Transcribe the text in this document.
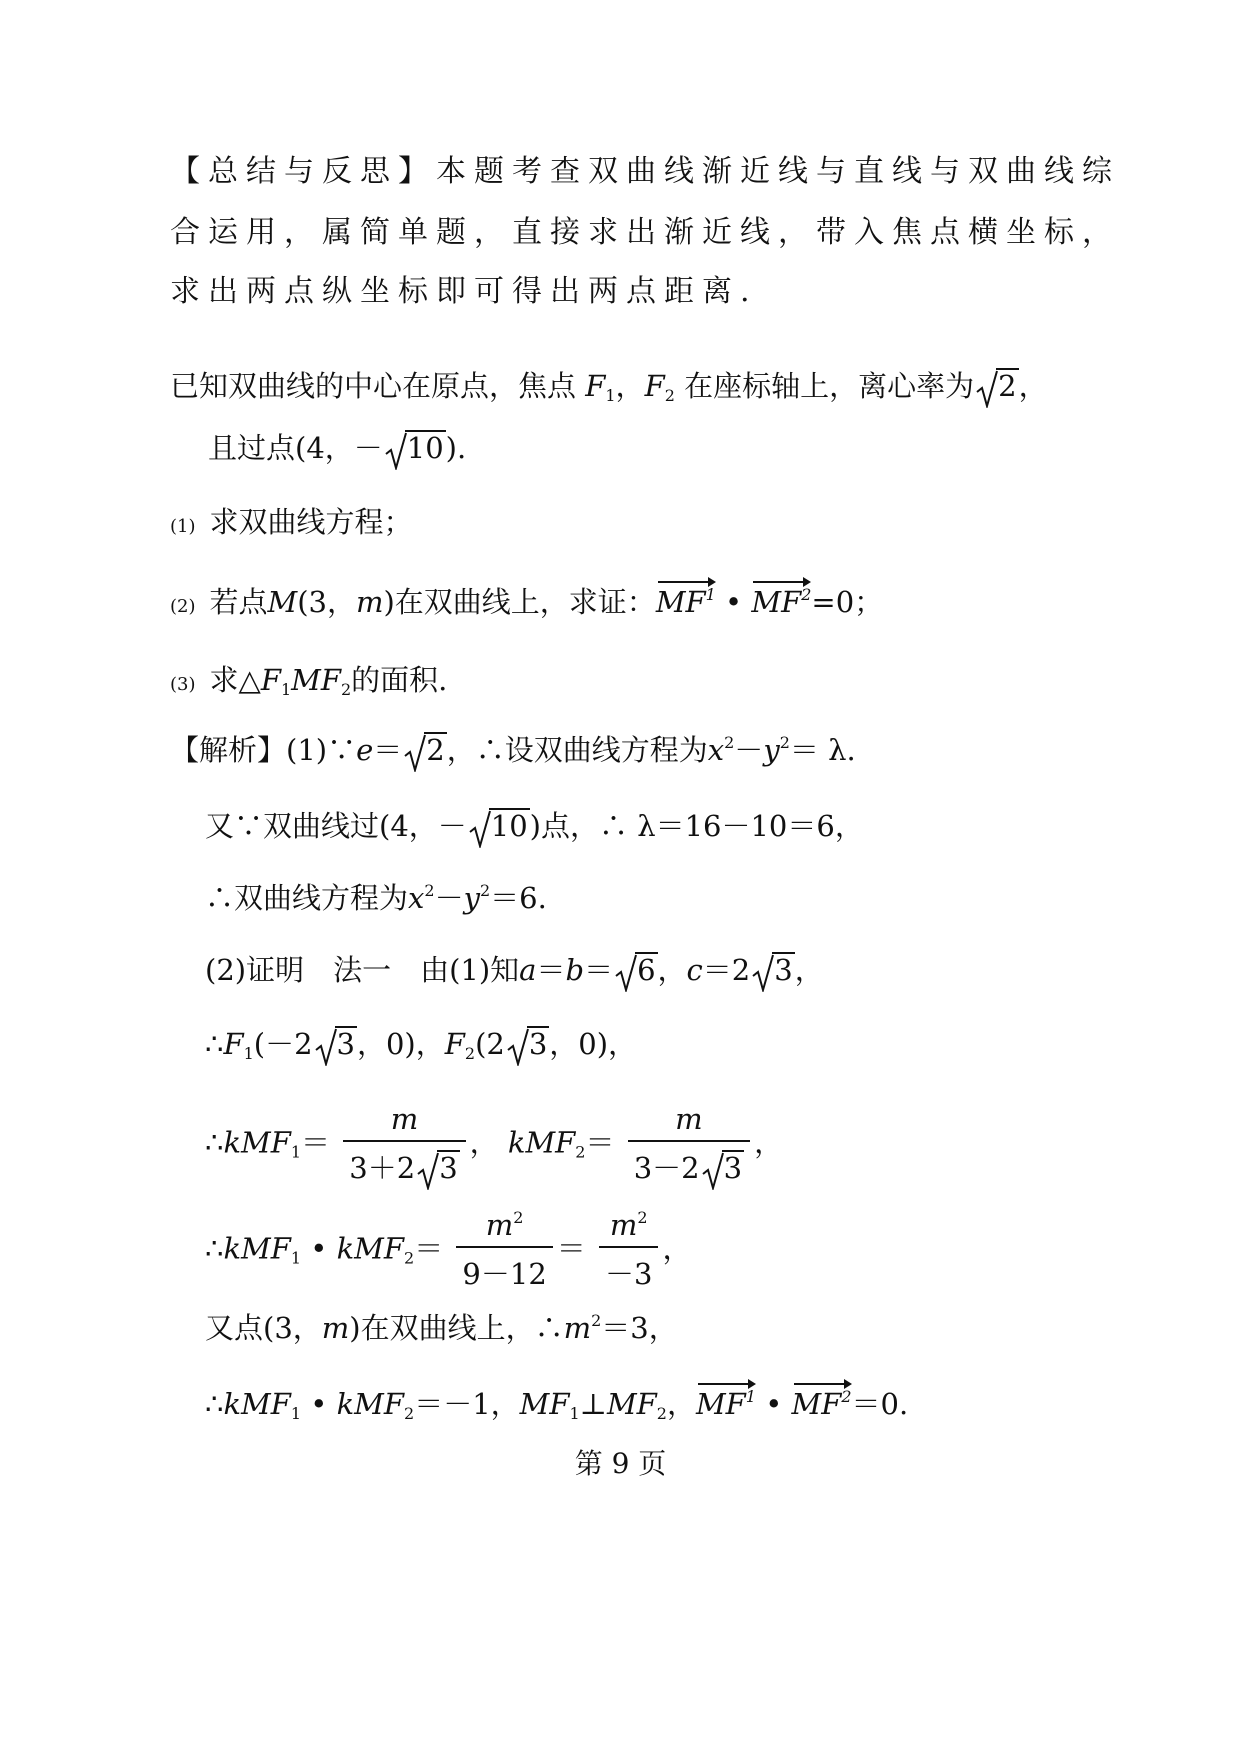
【总结与反思】本题考查双曲线渐近线与直线与双曲线综
合运用，属简单题，直接求出渐近线，带入焦点横坐标，
求出两点纵坐标即可得出两点距离.
已知双曲线的中心在原点，焦点 $F_1$，$F_2$ 在座标轴上，离心率为 2，
且过点(4，－ 10).
(1) 求双曲线方程；
(2) 若点M(3，m)在双曲线上，求证：$MF^1$ • $MF^2=0$；
(3) 求$\triangle F_1MF_2$的面积.
【解析】(1)∵e＝ 2，∴设双曲线方程为$x^2-y^2= \lambda$.
又∵双曲线过(4，－ 10)点，∴ λ＝16－10＝6，
∴双曲线方程为$x^2-y^2=6$.
(2)证明　法一　由(1)知a＝b＝ 6，c＝2 3，
$\therefore F_1(-2$ 3，0)，$F_2(2$ 3，0)，
∴kMF$_1$＝ $\frac{m}{3+2 3}$ ， $kMF_2= \frac{m}{3-2 3}$ ，
∴kMF$_1$ • $kMF_2= \frac{m^2}{9-12} = \frac{m^2}{-3}$ ，
又点(3，m)在双曲线上，$\therefore m^2=3$，
∴kMF$_1$ • kMF$_2$＝－1，$MF_1\perp MF_2$，$MF^1$ • $MF^2=0$.
第 9 页
